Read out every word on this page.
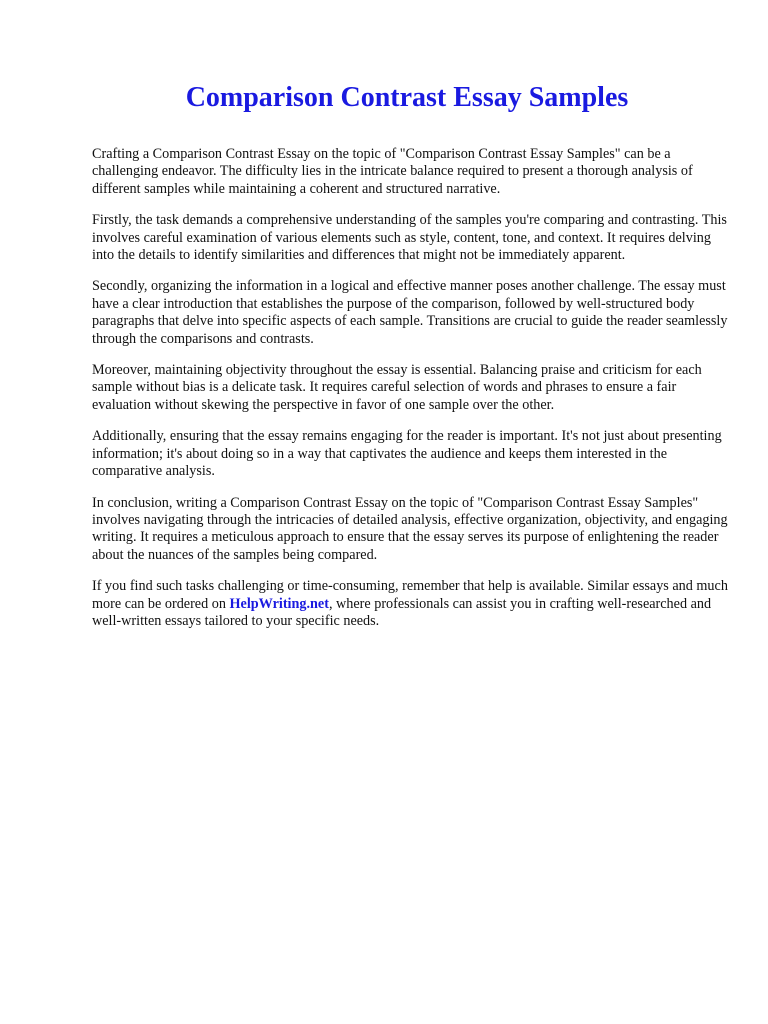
Comparison Contrast Essay Samples

Crafting a Comparison Contrast Essay on the topic of "Comparison Contrast Essay Samples" can be a challenging endeavor. The difficulty lies in the intricate balance required to present a thorough analysis of different samples while maintaining a coherent and structured narrative.

Firstly, the task demands a comprehensive understanding of the samples you're comparing and contrasting. This involves careful examination of various elements such as style, content, tone, and context. It requires delving into the details to identify similarities and differences that might not be immediately apparent.

Secondly, organizing the information in a logical and effective manner poses another challenge. The essay must have a clear introduction that establishes the purpose of the comparison, followed by well-structured body paragraphs that delve into specific aspects of each sample. Transitions are crucial to guide the reader seamlessly through the comparisons and contrasts.

Moreover, maintaining objectivity throughout the essay is essential. Balancing praise and criticism for each sample without bias is a delicate task. It requires careful selection of words and phrases to ensure a fair evaluation without skewing the perspective in favor of one sample over the other.

Additionally, ensuring that the essay remains engaging for the reader is important. It's not just about presenting information; it's about doing so in a way that captivates the audience and keeps them interested in the comparative analysis.

In conclusion, writing a Comparison Contrast Essay on the topic of "Comparison Contrast Essay Samples" involves navigating through the intricacies of detailed analysis, effective organization, objectivity, and engaging writing. It requires a meticulous approach to ensure that the essay serves its purpose of enlightening the reader about the nuances of the samples being compared.

If you find such tasks challenging or time-consuming, remember that help is available. Similar essays and much more can be ordered on HelpWriting.net, where professionals can assist you in crafting well-researched and well-written essays tailored to your specific needs.
